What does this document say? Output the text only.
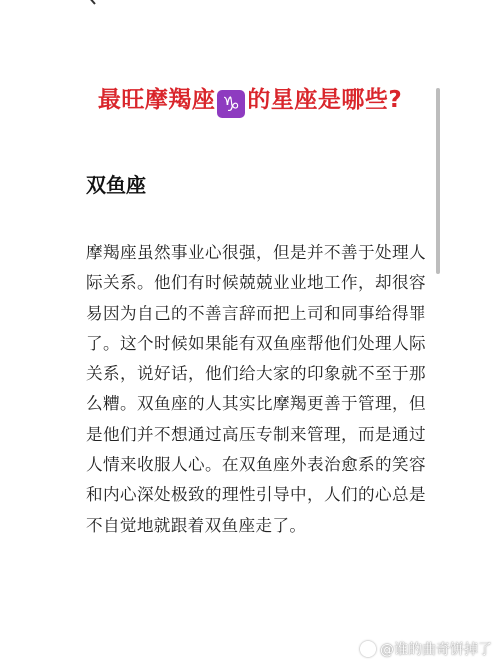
最旺摩羯座 ♑ 的星座是哪些?
双鱼座

摩羯座虽然事业心很强，但是并不善于处理人际关系。他们有时候兢兢业业地工作，却很容易因为自己的不善言辞而把上司和同事给得罪了。这个时候如果能有双鱼座帮他们处理人际关系，说好话，他们给大家的印象就不至于那么糟。双鱼座的人其实比摩羯更善于管理，但是他们并不想通过高压专制来管理，而是通过人情来收服人心。在双鱼座外表治愈系的笑容和内心深处极致的理性引导中，人们的心总是不自觉地就跟着双鱼座走了。

@谁的曲奇饼掉了
